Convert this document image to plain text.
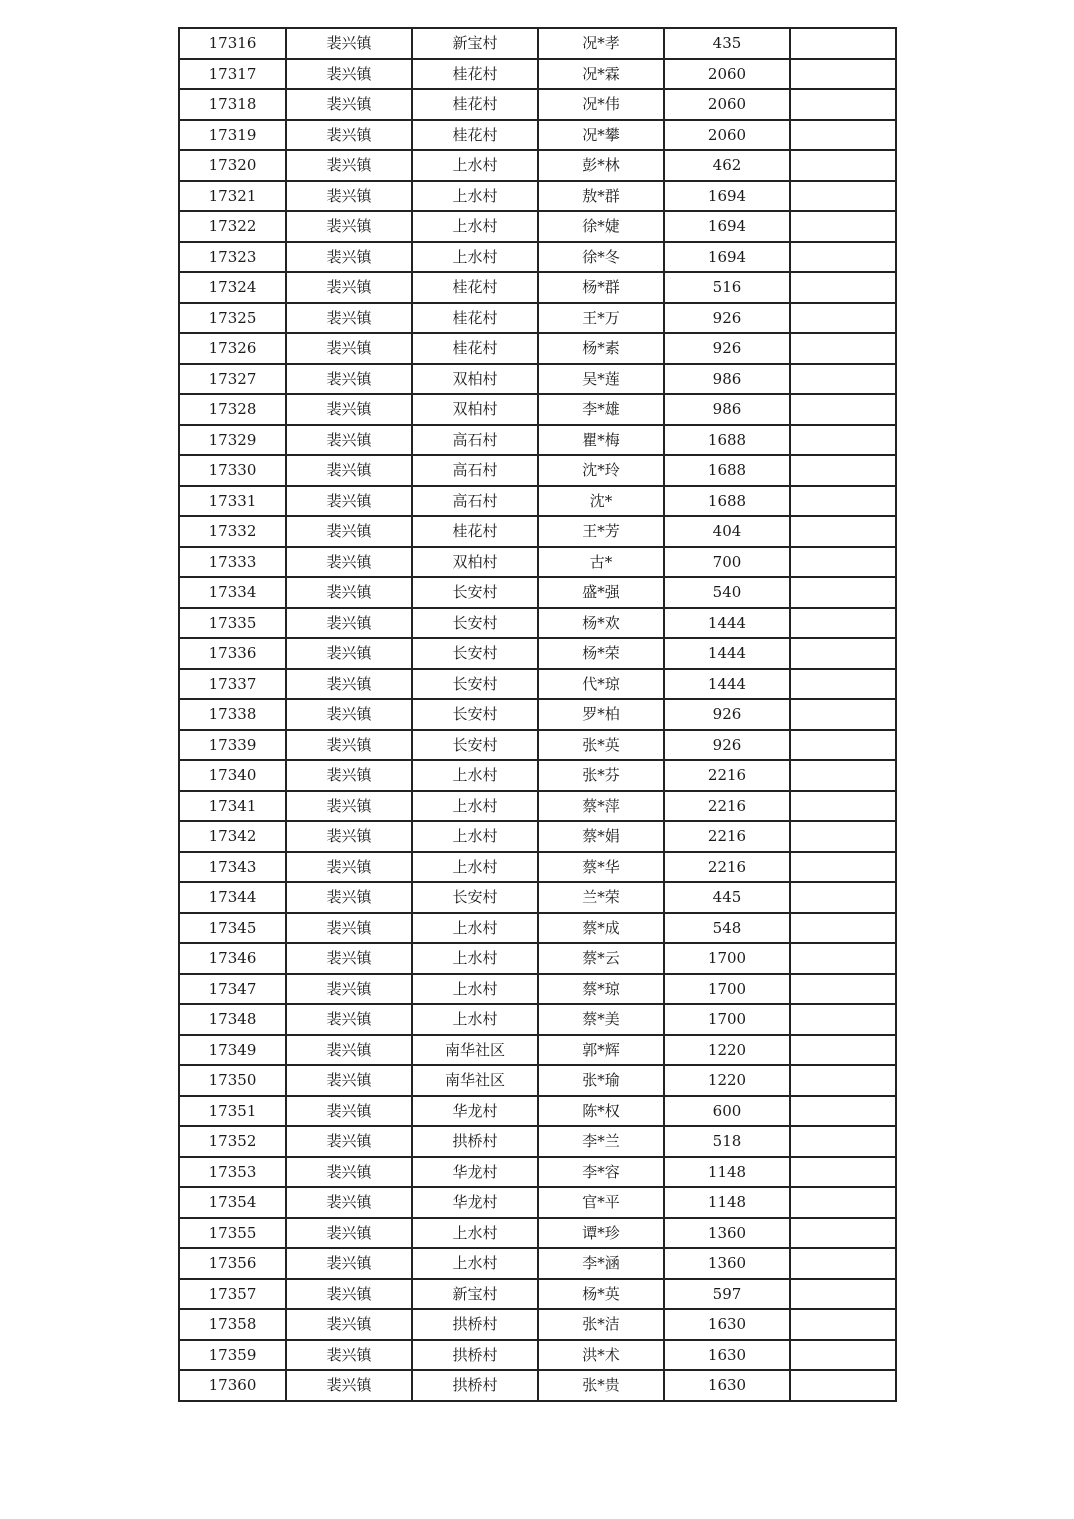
17316	裴兴镇	新宝村	况*孝	435	
17317	裴兴镇	桂花村	况*霖	2060	
17318	裴兴镇	桂花村	况*伟	2060	
17319	裴兴镇	桂花村	况*攀	2060	
17320	裴兴镇	上水村	彭*林	462	
17321	裴兴镇	上水村	敖*群	1694	
17322	裴兴镇	上水村	徐*婕	1694	
17323	裴兴镇	上水村	徐*冬	1694	
17324	裴兴镇	桂花村	杨*群	516	
17325	裴兴镇	桂花村	王*万	926	
17326	裴兴镇	桂花村	杨*素	926	
17327	裴兴镇	双柏村	吴*莲	986	
17328	裴兴镇	双柏村	李*雄	986	
17329	裴兴镇	高石村	瞿*梅	1688	
17330	裴兴镇	高石村	沈*玲	1688	
17331	裴兴镇	高石村	沈*	1688	
17332	裴兴镇	桂花村	王*芳	404	
17333	裴兴镇	双柏村	古*	700	
17334	裴兴镇	长安村	盛*强	540	
17335	裴兴镇	长安村	杨*欢	1444	
17336	裴兴镇	长安村	杨*荣	1444	
17337	裴兴镇	长安村	代*琼	1444	
17338	裴兴镇	长安村	罗*柏	926	
17339	裴兴镇	长安村	张*英	926	
17340	裴兴镇	上水村	张*芬	2216	
17341	裴兴镇	上水村	蔡*萍	2216	
17342	裴兴镇	上水村	蔡*娟	2216	
17343	裴兴镇	上水村	蔡*华	2216	
17344	裴兴镇	长安村	兰*荣	445	
17345	裴兴镇	上水村	蔡*成	548	
17346	裴兴镇	上水村	蔡*云	1700	
17347	裴兴镇	上水村	蔡*琼	1700	
17348	裴兴镇	上水村	蔡*美	1700	
17349	裴兴镇	南华社区	郭*辉	1220	
17350	裴兴镇	南华社区	张*瑜	1220	
17351	裴兴镇	华龙村	陈*权	600	
17352	裴兴镇	拱桥村	李*兰	518	
17353	裴兴镇	华龙村	李*容	1148	
17354	裴兴镇	华龙村	官*平	1148	
17355	裴兴镇	上水村	谭*珍	1360	
17356	裴兴镇	上水村	李*涵	1360	
17357	裴兴镇	新宝村	杨*英	597	
17358	裴兴镇	拱桥村	张*洁	1630	
17359	裴兴镇	拱桥村	洪*术	1630	
17360	裴兴镇	拱桥村	张*贵	1630	
